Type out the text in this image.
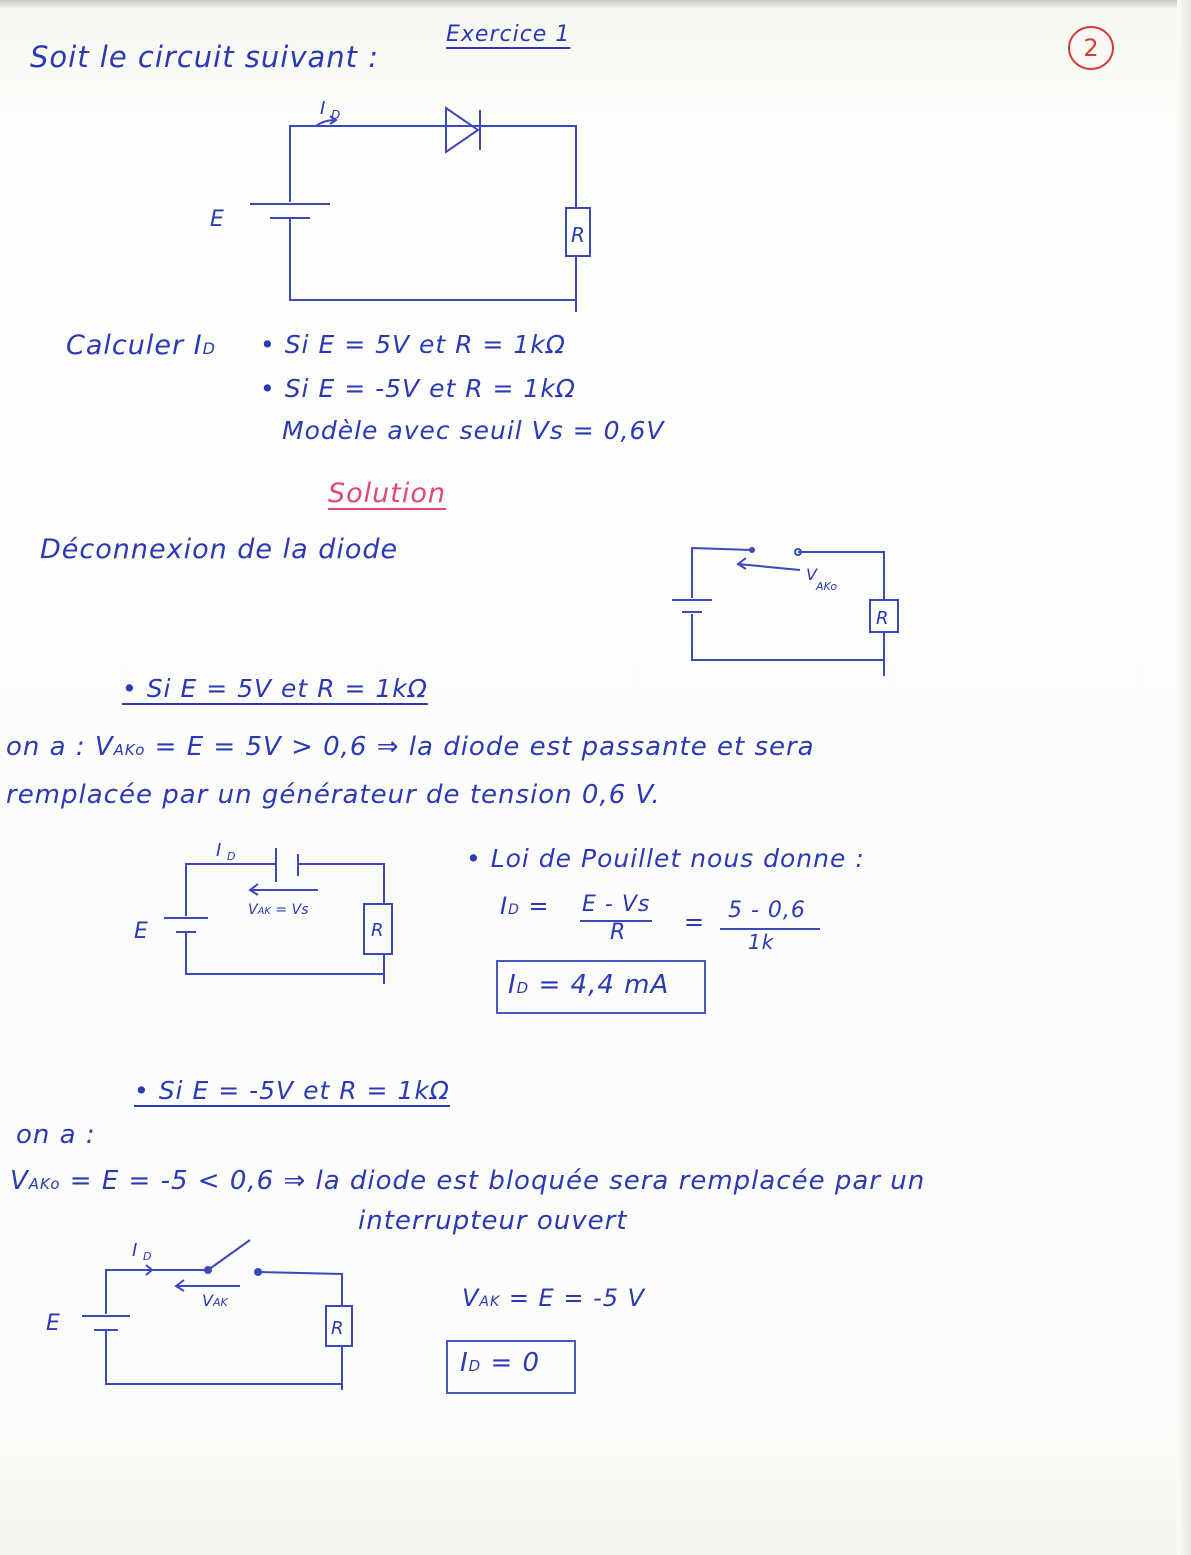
2
Exercice 1
Soit le circuit suivant :
Calculer ID • Si E = 5V et R = 1kΩ
• Si E = -5V et R = 1kΩ
Modèle avec seuil Vs = 0,6V
Solution
Déconnexion de la diode
• Si E = 5V et R = 1kΩ
on a : VAKo = E = 5V > 0,6 ⇒ la diode est passante et sera
remplacée par un générateur de tension 0,6 V.
• Loi de Pouillet nous donne :
ID = E - Vs
R = 5 - 0,6
1k
ID = 4,4 mA
• Si E = -5V et R = 1kΩ
on a :
VAKo = E = -5 < 0,6 ⇒ la diode est bloquée sera remplacée par un
interrupteur ouvert
VAK = E = -5 V
ID = 0
R
E
I D
V
AKo
R
VAK = Vs
I D
R
E
VAK
I D
R
E
